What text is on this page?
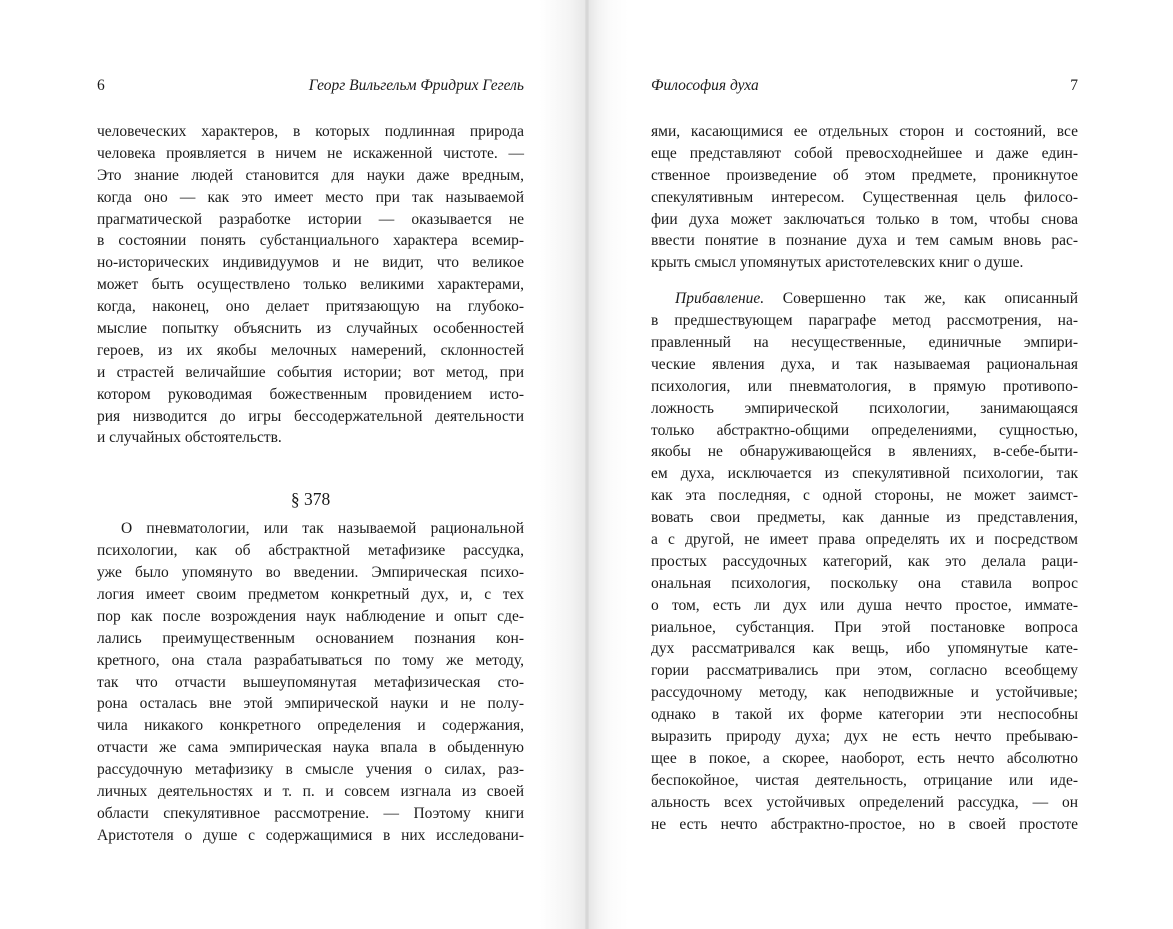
6	Георг Вильгельм Фридрих Гегель
человеческих характеров, в которых подлинная природа
человека проявляется в ничем не искаженной чистоте. —
Это знание людей становится для науки даже вредным,
когда оно — как это имеет место при так называемой
прагматической разработке истории — оказывается не
в состоянии понять субстанциального характера всемир-
но-исторических индивидуумов и не видит, что великое
может быть осуществлено только великими характерами,
когда, наконец, оно делает притязающую на глубоко-
мыслие попытку объяснить из случайных особенностей
героев, из их якобы мелочных намерений, склонностей
и страстей величайшие события истории; вот метод, при
котором руководимая божественным провидением исто-
рия низводится до игры бессодержательной деятельности
и случайных обстоятельств.
§ 378
О пневматологии, или так называемой рациональной
психологии, как об абстрактной метафизике рассудка,
уже было упомянуто во введении. Эмпирическая психо-
логия имеет своим предметом конкретный дух, и, с тех
пор как после возрождения наук наблюдение и опыт сде-
лались преимущественным основанием познания кон-
кретного, она стала разрабатываться по тому же методу,
так что отчасти вышеупомянутая метафизическая сто-
рона осталась вне этой эмпирической науки и не полу-
чила никакого конкретного определения и содержания,
отчасти же сама эмпирическая наука впала в обыденную
рассудочную метафизику в смысле учения о силах, раз-
личных деятельностях и т. п. и совсем изгнала из своей
области спекулятивное рассмотрение. — Поэтому книги
Аристотеля о душе с содержащимися в них исследовани-
Философия духа	7
ями, касающимися ее отдельных сторон и состояний, все
еще представляют собой превосходнейшее и даже един-
ственное произведение об этом предмете, проникнутое
спекулятивным интересом. Существенная цель филосо-
фии духа может заключаться только в том, чтобы снова
ввести понятие в познание духа и тем самым вновь рас-
крыть смысл упомянутых аристотелевских книг о душе.
Прибавление. Совершенно так же, как описанный
в предшествующем параграфе метод рассмотрения, на-
правленный на несущественные, единичные эмпири-
ческие явления духа, и так называемая рациональная
психология, или пневматология, в прямую противопо-
ложность эмпирической психологии, занимающаяся
только абстрактно-общими определениями, сущностью,
якобы не обнаруживающейся в явлениях, в-себе-быти-
ем духа, исключается из спекулятивной психологии, так
как эта последняя, с одной стороны, не может заимст-
вовать свои предметы, как данные из представления,
а с другой, не имеет права определять их и посредством
простых рассудочных категорий, как это делала раци-
ональная психология, поскольку она ставила вопрос
о том, есть ли дух или душа нечто простое, иммате-
риальное, субстанция. При этой постановке вопроса
дух рассматривался как вещь, ибо упомянутые кате-
гории рассматривались при этом, согласно всеобщему
рассудочному методу, как неподвижные и устойчивые;
однако в такой их форме категории эти неспособны
выразить природу духа; дух не есть нечто пребываю-
щее в покое, а скорее, наоборот, есть нечто абсолютно
беспокойное, чистая деятельность, отрицание или иде-
альность всех устойчивых определений рассудка, — он
не есть нечто абстрактно-простое, но в своей простоте
